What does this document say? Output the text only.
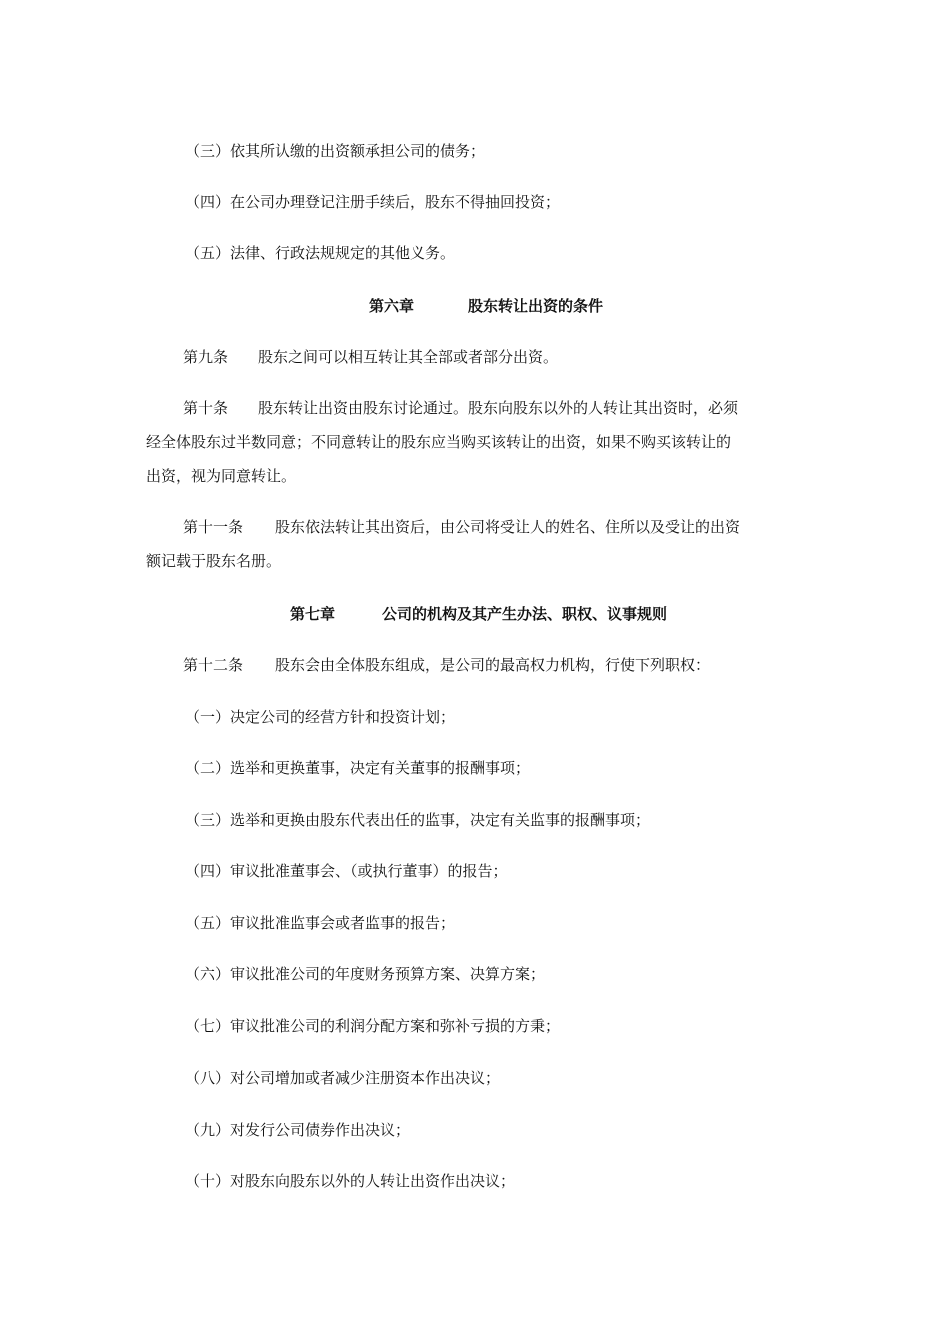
（三）依其所认缴的出资额承担公司的债务；
（四）在公司办理登记注册手续后，股东不得抽回投资；
（五）法律、行政法规规定的其他义务。
第六章	股东转让出资的条件
第九条 股东之间可以相互转让其全部或者部分出资。
第十条 股东转让出资由股东讨论通过。股东向股东以外的人转让其出资时，必须
经全体股东过半数同意；不同意转让的股东应当购买该转让的出资，如果不购买该转让的
出资，视为同意转让。
第十一条 股东依法转让其出资后，由公司将受让人的姓名、住所以及受让的出资
额记载于股东名册。
第七章	公司的机构及其产生办法、职权、议事规则
第十二条 股东会由全体股东组成，是公司的最高权力机构，行使下列职权：
（一）决定公司的经营方针和投资计划；
（二）选举和更换董事，决定有关董事的报酬事项；
（三）选举和更换由股东代表出任的监事，决定有关监事的报酬事项；
（四）审议批准董事会、（或执行董事）的报告；
（五）审议批准监事会或者监事的报告；
（六）审议批准公司的年度财务预算方案、决算方案；
（七）审议批准公司的利润分配方案和弥补亏损的方秉；
（八）对公司增加或者减少注册资本作出决议；
（九）对发行公司债券作出决议；
（十）对股东向股东以外的人转让出资作出决议；
